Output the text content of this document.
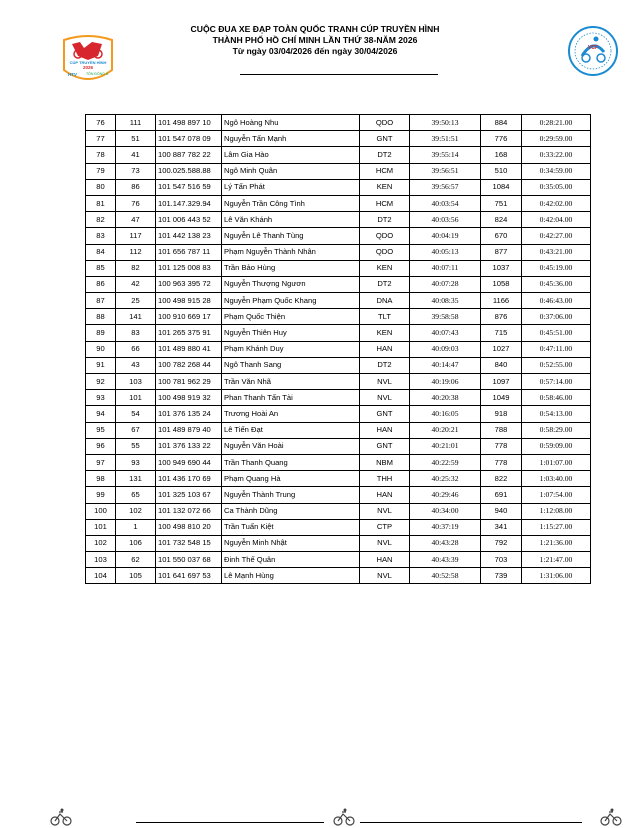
CÚP TRUYỀN HÌNH
2026
HTV	TÔN ĐÔNG Á
CUỘC ĐUA XE ĐẠP TOÀN QUỐC TRANH CÚP TRUYỀN HÌNH
THÀNH PHỐ HỒ CHÍ MINH LẦN THỨ 38-NĂM 2026
Từ ngày 03/04/2026 đến ngày 30/04/2026	VCF
76	111	101 498 897 10	Ngô Hoàng Nhu	QDO	39:50:13	884	0:28:21.00
77	51	101 547 078 09	Nguyễn Tấn Mạnh	GNT	39:51:51	776	0:29:59.00
78	41	100 887 782 22	Lâm Gia Hào	DT2	39:55:14	168	0:33:22.00
79	73	100.025.588.88	Ngô Minh Quân	HCM	39:56:51	510	0:34:59.00
80	86	101 547 516 59	Lý Tấn Phát	KEN	39:56:57	1084	0:35:05.00
81	76	101.147.329.94	Nguyễn Trần Công Tình	HCM	40:03:54	751	0:42:02.00
82	47	101 006 443 52	Lê Văn Khánh	DT2	40:03:56	824	0:42:04.00
83	117	101 442 138 23	Nguyễn Lê Thanh Tùng	QDO	40:04:19	670	0:42:27.00
84	112	101 656 787 11	Phạm Nguyễn Thành Nhân	QDO	40:05:13	877	0:43:21.00
85	82	101 125 008 83	Trần Bảo Hùng	KEN	40:07:11	1037	0:45:19.00
86	42	100 963 395 72	Nguyễn Thượng Ngươn	DT2	40:07:28	1058	0:45:36.00
87	25	100 498 915 28	Nguyễn Phạm Quốc Khang	DNA	40:08:35	1166	0:46:43.00
88	141	100 910 669 17	Phạm Quốc Thiện	TLT	39:58:58	876	0:37:06.00
89	83	101 265 375 91	Nguyễn Thiên Huy	KEN	40:07:43	715	0:45:51.00
90	66	101 489 880 41	Phạm Khánh Duy	HAN	40:09:03	1027	0:47:11.00
91	43	100 782 268 44	Ngô Thanh Sang	DT2	40:14:47	840	0:52:55.00
92	103	100 781 962 29	Trần Văn Nhã	NVL	40:19:06	1097	0:57:14.00
93	101	100 498 919 32	Phan Thanh Tấn Tài	NVL	40:20:38	1049	0:58:46.00
94	54	101 376 135 24	Trương Hoài An	GNT	40:16:05	918	0:54:13.00
95	67	101 489 879 40	Lê Tiến Đạt	HAN	40:20:21	788	0:58:29.00
96	55	101 376 133 22	Nguyễn Văn Hoài	GNT	40:21:01	778	0:59:09.00
97	93	100 949 690 44	Trần Thanh Quang	NBM	40:22:59	778	1:01:07.00
98	131	101 436 170 69	Phạm Quang Hà	THH	40:25:32	822	1:03:40.00
99	65	101 325 103 67	Nguyễn Thành Trung	HAN	40:29:46	691	1:07:54.00
100	102	101 132 072 66	Ca Thành Dũng	NVL	40:34:00	940	1:12:08.00
101	1	100 498 810 20	Trần Tuấn Kiệt	CTP	40:37:19	341	1:15:27.00
102	106	101 732 548 15	Nguyễn Minh Nhật	NVL	40:43:28	792	1:21:36.00
103	62	101 550 037 68	Đinh Thế Quân	HAN	40:43:39	703	1:21:47.00
104	105	101 641 697 53	Lê Mạnh Hùng	NVL	40:52:58	739	1:31:06.00
